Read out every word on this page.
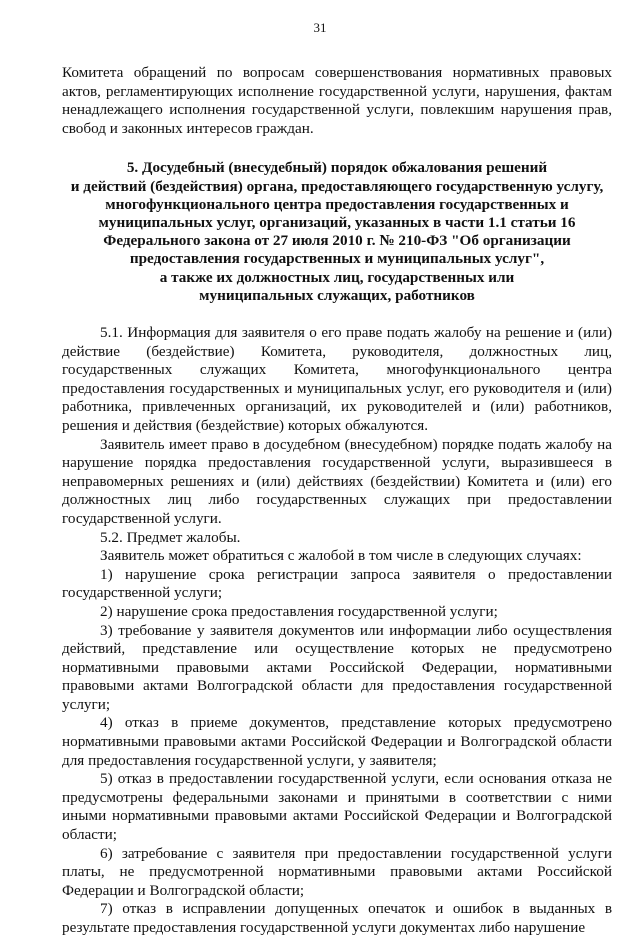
31

Комитета обращений по вопросам совершенствования нормативных правовых актов, регламентирующих исполнение государственной услуги, нарушения, фактам ненадлежащего исполнения государственной услуги, повлекшим нарушения прав, свобод и законных интересов граждан.

5. Досудебный (внесудебный) порядок обжалования решений
и действий (бездействия) органа, предоставляющего государственную услугу,
многофункционального центра предоставления государственных и
муниципальных услуг, организаций, указанных в части 1.1 статьи 16
Федерального закона от 27 июля 2010 г. № 210-ФЗ "Об организации
предоставления государственных и муниципальных услуг",
а также их должностных лиц, государственных или
муниципальных служащих, работников

5.1. Информация для заявителя о его праве подать жалобу на решение и (или) действие (бездействие) Комитета, руководителя, должностных лиц, государственных служащих Комитета, многофункционального центра предоставления государственных и муниципальных услуг, его руководителя и (или) работника, привлеченных организаций, их руководителей и (или) работников, решения и действия (бездействие) которых обжалуются.

Заявитель имеет право в досудебном (внесудебном) порядке подать жалобу на нарушение порядка предоставления государственной услуги, выразившееся в неправомерных решениях и (или) действиях (бездействии) Комитета и (или) его должностных лиц либо государственных служащих при предоставлении государственной услуги.

5.2. Предмет жалобы.

Заявитель может обратиться с жалобой в том числе в следующих случаях:

1) нарушение срока регистрации запроса заявителя о предоставлении государственной услуги;

2) нарушение срока предоставления государственной услуги;

3) требование у заявителя документов или информации либо осуществления действий, представление или осуществление которых не предусмотрено нормативными правовыми актами Российской Федерации, нормативными правовыми актами Волгоградской области для предоставления государственной услуги;

4) отказ в приеме документов, представление которых предусмотрено нормативными правовыми актами Российской Федерации и Волгоградской области для предоставления государственной услуги, у заявителя;

5) отказ в предоставлении государственной услуги, если основания отказа не предусмотрены федеральными законами и принятыми в соответствии с ними иными нормативными правовыми актами Российской Федерации и Волгоградской области;

6) затребование с заявителя при предоставлении государственной услуги платы, не предусмотренной нормативными правовыми актами Российской Федерации и Волгоградской области;

7) отказ в исправлении допущенных опечаток и ошибок в выданных в результате предоставления государственной услуги документах либо нарушение
